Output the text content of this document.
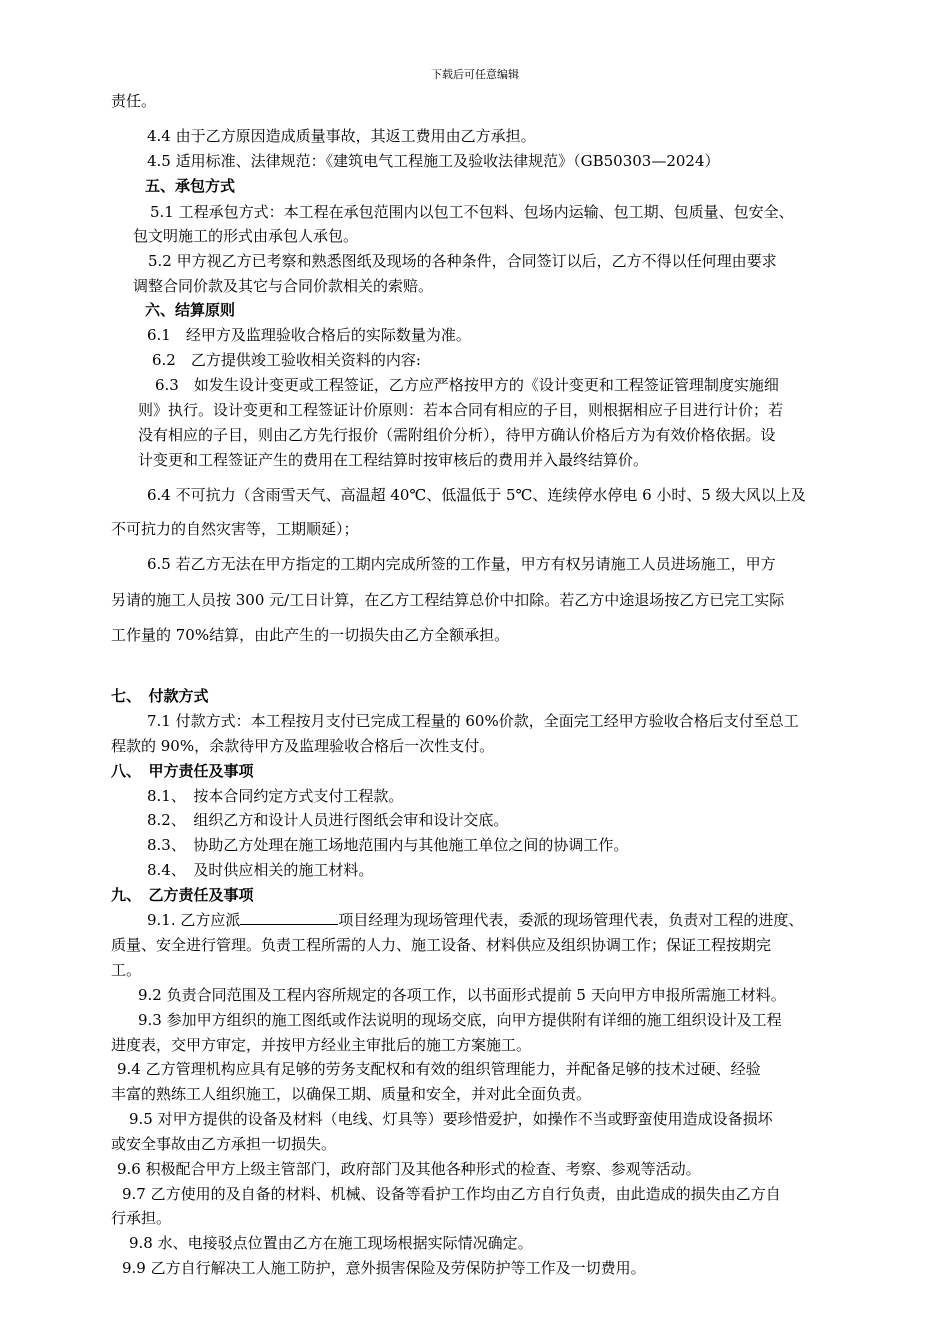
下载后可任意编辑
责任。
4.4 由于乙方原因造成质量事故，其返工费用由乙方承担。
4.5 适用标准、法律规范：《建筑电气工程施工及验收法律规范》（GB50303—2024）
五、承包方式
5.1 工程承包方式：本工程在承包范围内以包工不包料、包场内运输、包工期、包质量、包安全、
包文明施工的形式由承包人承包。
5.2 甲方视乙方已考察和熟悉图纸及现场的各种条件，合同签订以后，乙方不得以任何理由要求
调整合同价款及其它与合同价款相关的索赔。
六、结算原则
6.1　经甲方及监理验收合格后的实际数量为准。
6.2　乙方提供竣工验收相关资料的内容:
6.3　如发生设计变更或工程签证，乙方应严格按甲方的《设计变更和工程签证管理制度实施细
则》执行。设计变更和工程签证计价原则：若本合同有相应的子目，则根据相应子目进行计价；若
没有相应的子目，则由乙方先行报价（需附组价分析），待甲方确认价格后方为有效价格依据。设
计变更和工程签证产生的费用在工程结算时按审核后的费用并入最终结算价。
6.4 不可抗力（含雨雪天气、高温超 40℃、低温低于 5℃、连续停水停电 6 小时、5 级大风以上及
不可抗力的自然灾害等，工期顺延）；
6.5 若乙方无法在甲方指定的工期内完成所签的工作量，甲方有权另请施工人员进场施工，甲方
另请的施工人员按 300 元/工日计算，在乙方工程结算总价中扣除。若乙方中途退场按乙方已完工实际
工作量的 70%结算，由此产生的一切损失由乙方全额承担。
七、　付款方式
7.1 付款方式：本工程按月支付已完成工程量的 60%价款，全面完工经甲方验收合格后支付至总工
程款的 90%，余款待甲方及监理验收合格后一次性支付。
八、　甲方责任及事项
8.1、　按本合同约定方式支付工程款。
8.2、　组织乙方和设计人员进行图纸会审和设计交底。
8.3、　协助乙方处理在施工场地范围内与其他施工单位之间的协调工作。
8.4、　及时供应相关的施工材料。
九、　乙方责任及事项
9.1. 乙方应派	项目经理为现场管理代表，委派的现场管理代表，负责对工程的进度、
质量、安全进行管理。负责工程所需的人力、施工设备、材料供应及组织协调工作；保证工程按期完
工。
9.2 负责合同范围及工程内容所规定的各项工作，以书面形式提前 5 天向甲方申报所需施工材料。
9.3 参加甲方组织的施工图纸或作法说明的现场交底，向甲方提供附有详细的施工组织设计及工程
进度表，交甲方审定，并按甲方经业主审批后的施工方案施工。
9.4 乙方管理机构应具有足够的劳务支配权和有效的组织管理能力，并配备足够的技术过硬、经验
丰富的熟练工人组织施工，以确保工期、质量和安全，并对此全面负责。
9.5 对甲方提供的设备及材料（电线、灯具等）要珍惜爱护，如操作不当或野蛮使用造成设备损坏
或安全事故由乙方承担一切损失。
9.6 积极配合甲方上级主管部门，政府部门及其他各种形式的检查、考察、参观等活动。
9.7 乙方使用的及自备的材料、机械、设备等看护工作均由乙方自行负责，由此造成的损失由乙方自
行承担。
9.8 水、电接驳点位置由乙方在施工现场根据实际情况确定。
9.9 乙方自行解决工人施工防护，意外损害保险及劳保防护等工作及一切费用。
